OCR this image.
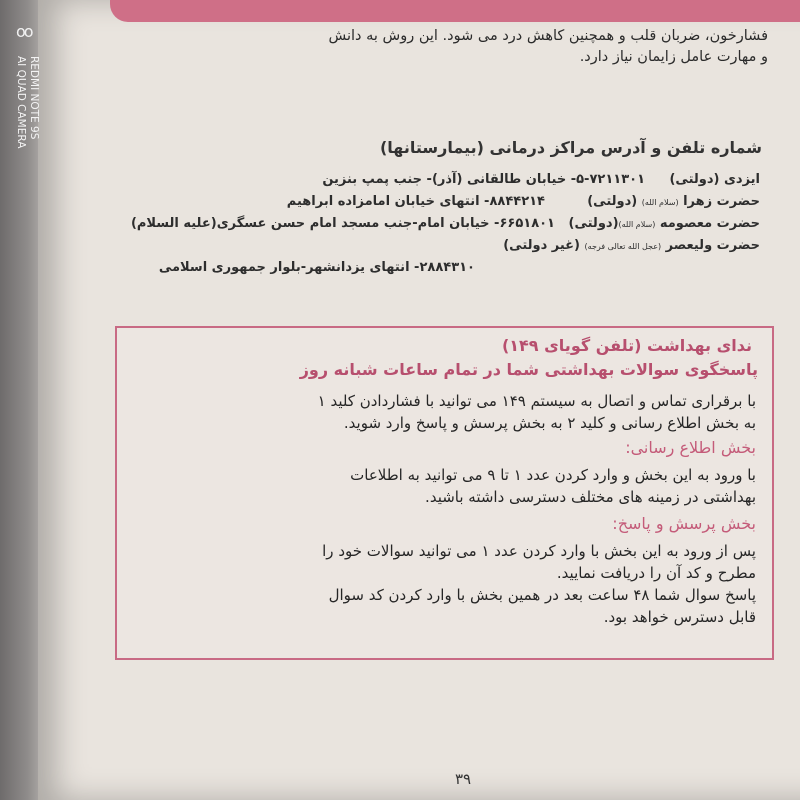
oo
REDMI NOTE 9S
AI QUAD CAMERA
فشارخون، ضربان قلب و همچنین کاهش درد می شود. این روش به دانش
و مهارت عامل زایمان نیاز دارد.
شماره تلفن و آدرس مراکز درمانی (بیمارستانها)
ایزدی (دولتی)
۵-۷۲۱۱۳۰۱- خیابان طالقانی (آذر)- جنب پمپ بنزین
حضرت زهرا (سلام الله) (دولتی)
۸۸۴۴۲۱۴- انتهای خیابان امامزاده ابراهیم
حضرت معصومه (سلام الله)(دولتی)
۶۶۵۱۸۰۱- خیابان امام-جنب مسجد امام حسن عسگری(علیه السلام)
حضرت ولیعصر (عجل الله تعالی فرجه) (غیر دولتی)
۲۸۸۴۳۱۰- انتهای یزدانشهر-بلوار جمهوری اسلامی
ندای بهداشت (تلفن گویای ۱۴۹)
پاسخگوی سوالات بهداشتی شما در تمام ساعات شبانه روز
با برقراری تماس و اتصال به سیستم ۱۴۹ می توانید با فشاردادن کلید ۱
به بخش اطلاع رسانی و کلید ۲ به بخش پرسش و پاسخ وارد شوید.
بخش اطلاع رسانی:
با ورود به این بخش و وارد کردن عدد ۱ تا ۹ می توانید به اطلاعات
بهداشتی در زمینه های مختلف دسترسی داشته باشید.
بخش پرسش و پاسخ:
پس از ورود به این بخش با وارد کردن عدد ۱ می توانید سوالات خود را
مطرح و کد آن را دریافت نمایید.
پاسخ سوال شما ۴۸ ساعت بعد در همین بخش با وارد کردن کد سوال
قابل دسترس خواهد بود.
۳۹
